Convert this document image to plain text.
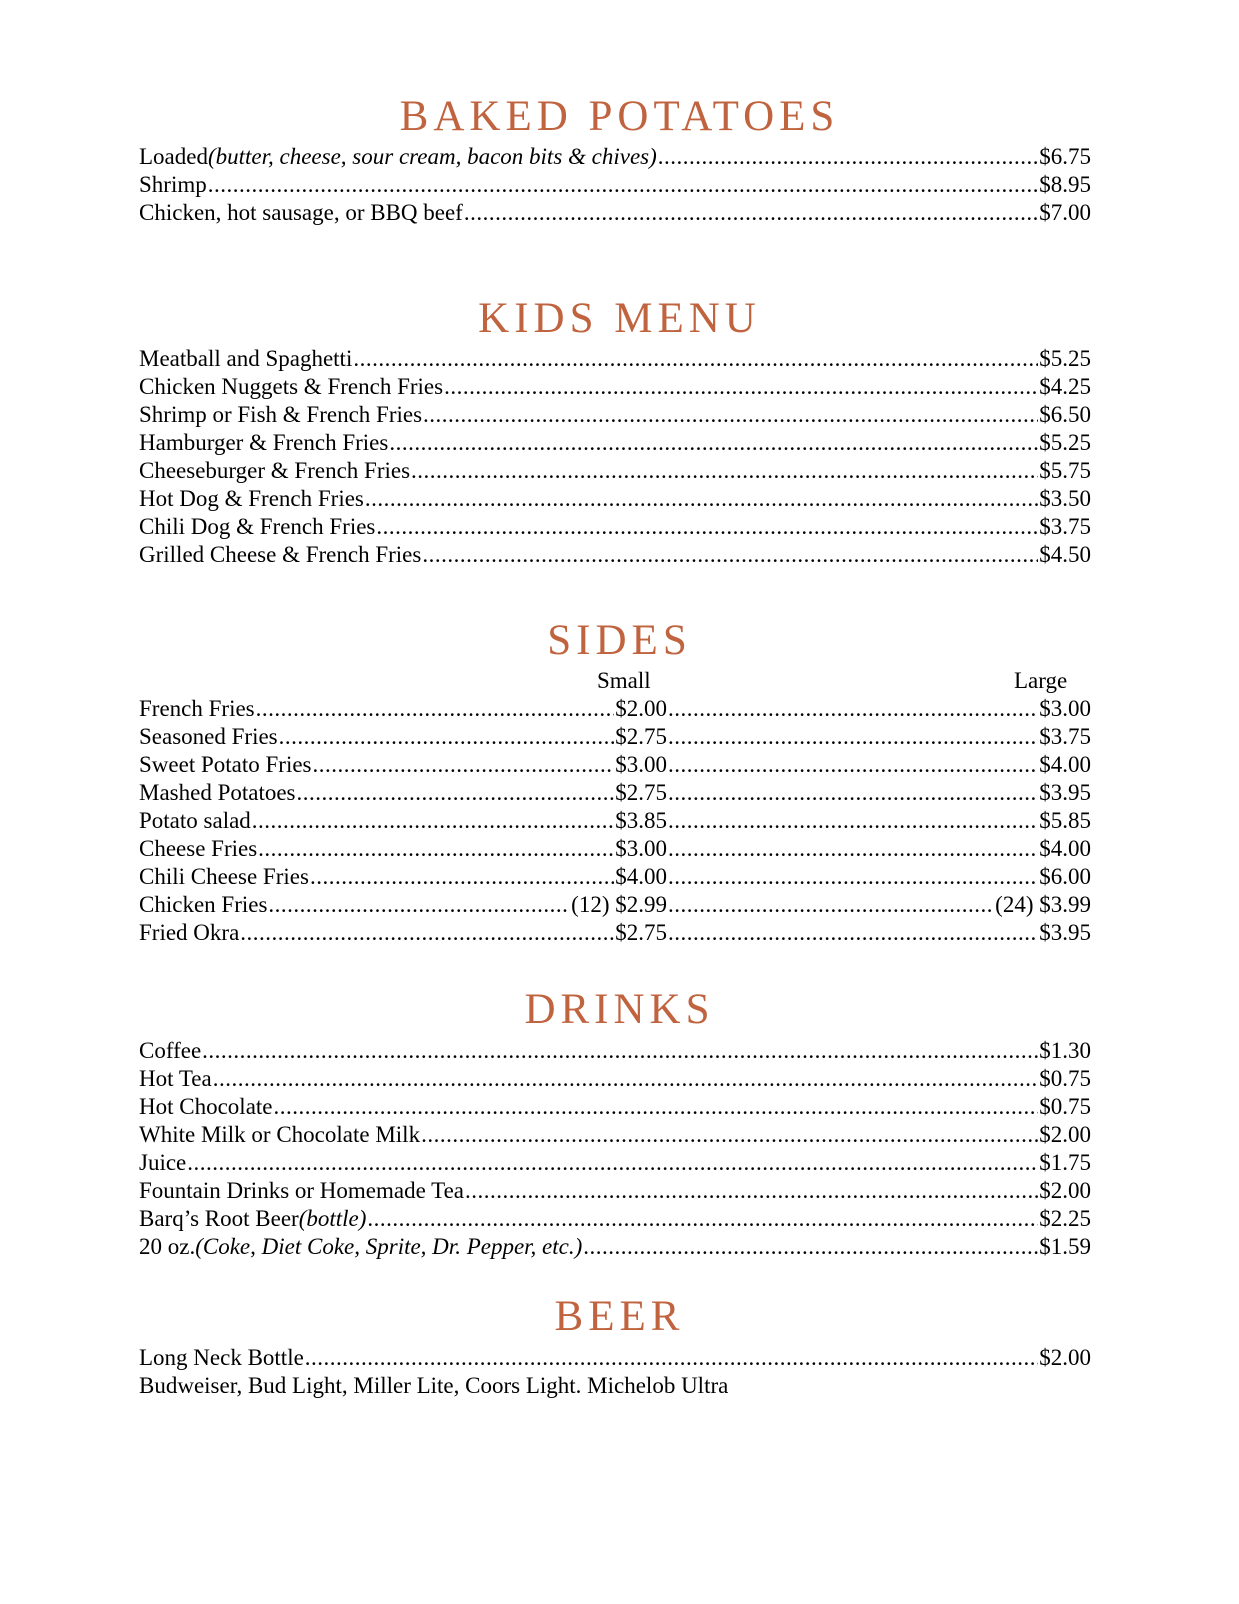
BAKED POTATOES
Loaded (butter, cheese, sour cream, bacon bits & chives) .....	$6.75
Shrimp .....	$8.95
Chicken, hot sausage, or BBQ beef .....	$7.00
KIDS MENU
Meatball and Spaghetti .....	$5.25
Chicken Nuggets & French Fries .....	$4.25
Shrimp or Fish & French Fries .....	$6.50
Hamburger & French Fries .....	$5.25
Cheeseburger & French Fries .....	$5.75
Hot Dog & French Fries .....	$3.50
Chili Dog & French Fries .....	$3.75
Grilled Cheese & French Fries .....	$4.50
SIDES
Small	Large
French Fries .....	$2.00 .....	$3.00
Seasoned Fries .....	$2.75 .....	$3.75
Sweet Potato Fries .....	$3.00 .....	$4.00
Mashed Potatoes .....	$2.75 .....	$3.95
Potato salad .....	$3.85 .....	$5.85
Cheese Fries .....	$3.00 .....	$4.00
Chili Cheese Fries .....	$4.00 .....	$6.00
Chicken Fries .....	(12) $2.99 .....	(24) $3.99
Fried Okra .....	$2.75 .....	$3.95
DRINKS
Coffee .....	$1.30
Hot Tea .....	$0.75
Hot Chocolate .....	$0.75
White Milk or Chocolate Milk .....	$2.00
Juice .....	$1.75
Fountain Drinks or Homemade Tea .....	$2.00
Barq’s Root Beer (bottle) .....	$2.25
20 oz. (Coke, Diet Coke, Sprite, Dr. Pepper, etc.) .....	$1.59
BEER
Long Neck Bottle .....	$2.00
Budweiser, Bud Light, Miller Lite, Coors Light. Michelob Ultra
